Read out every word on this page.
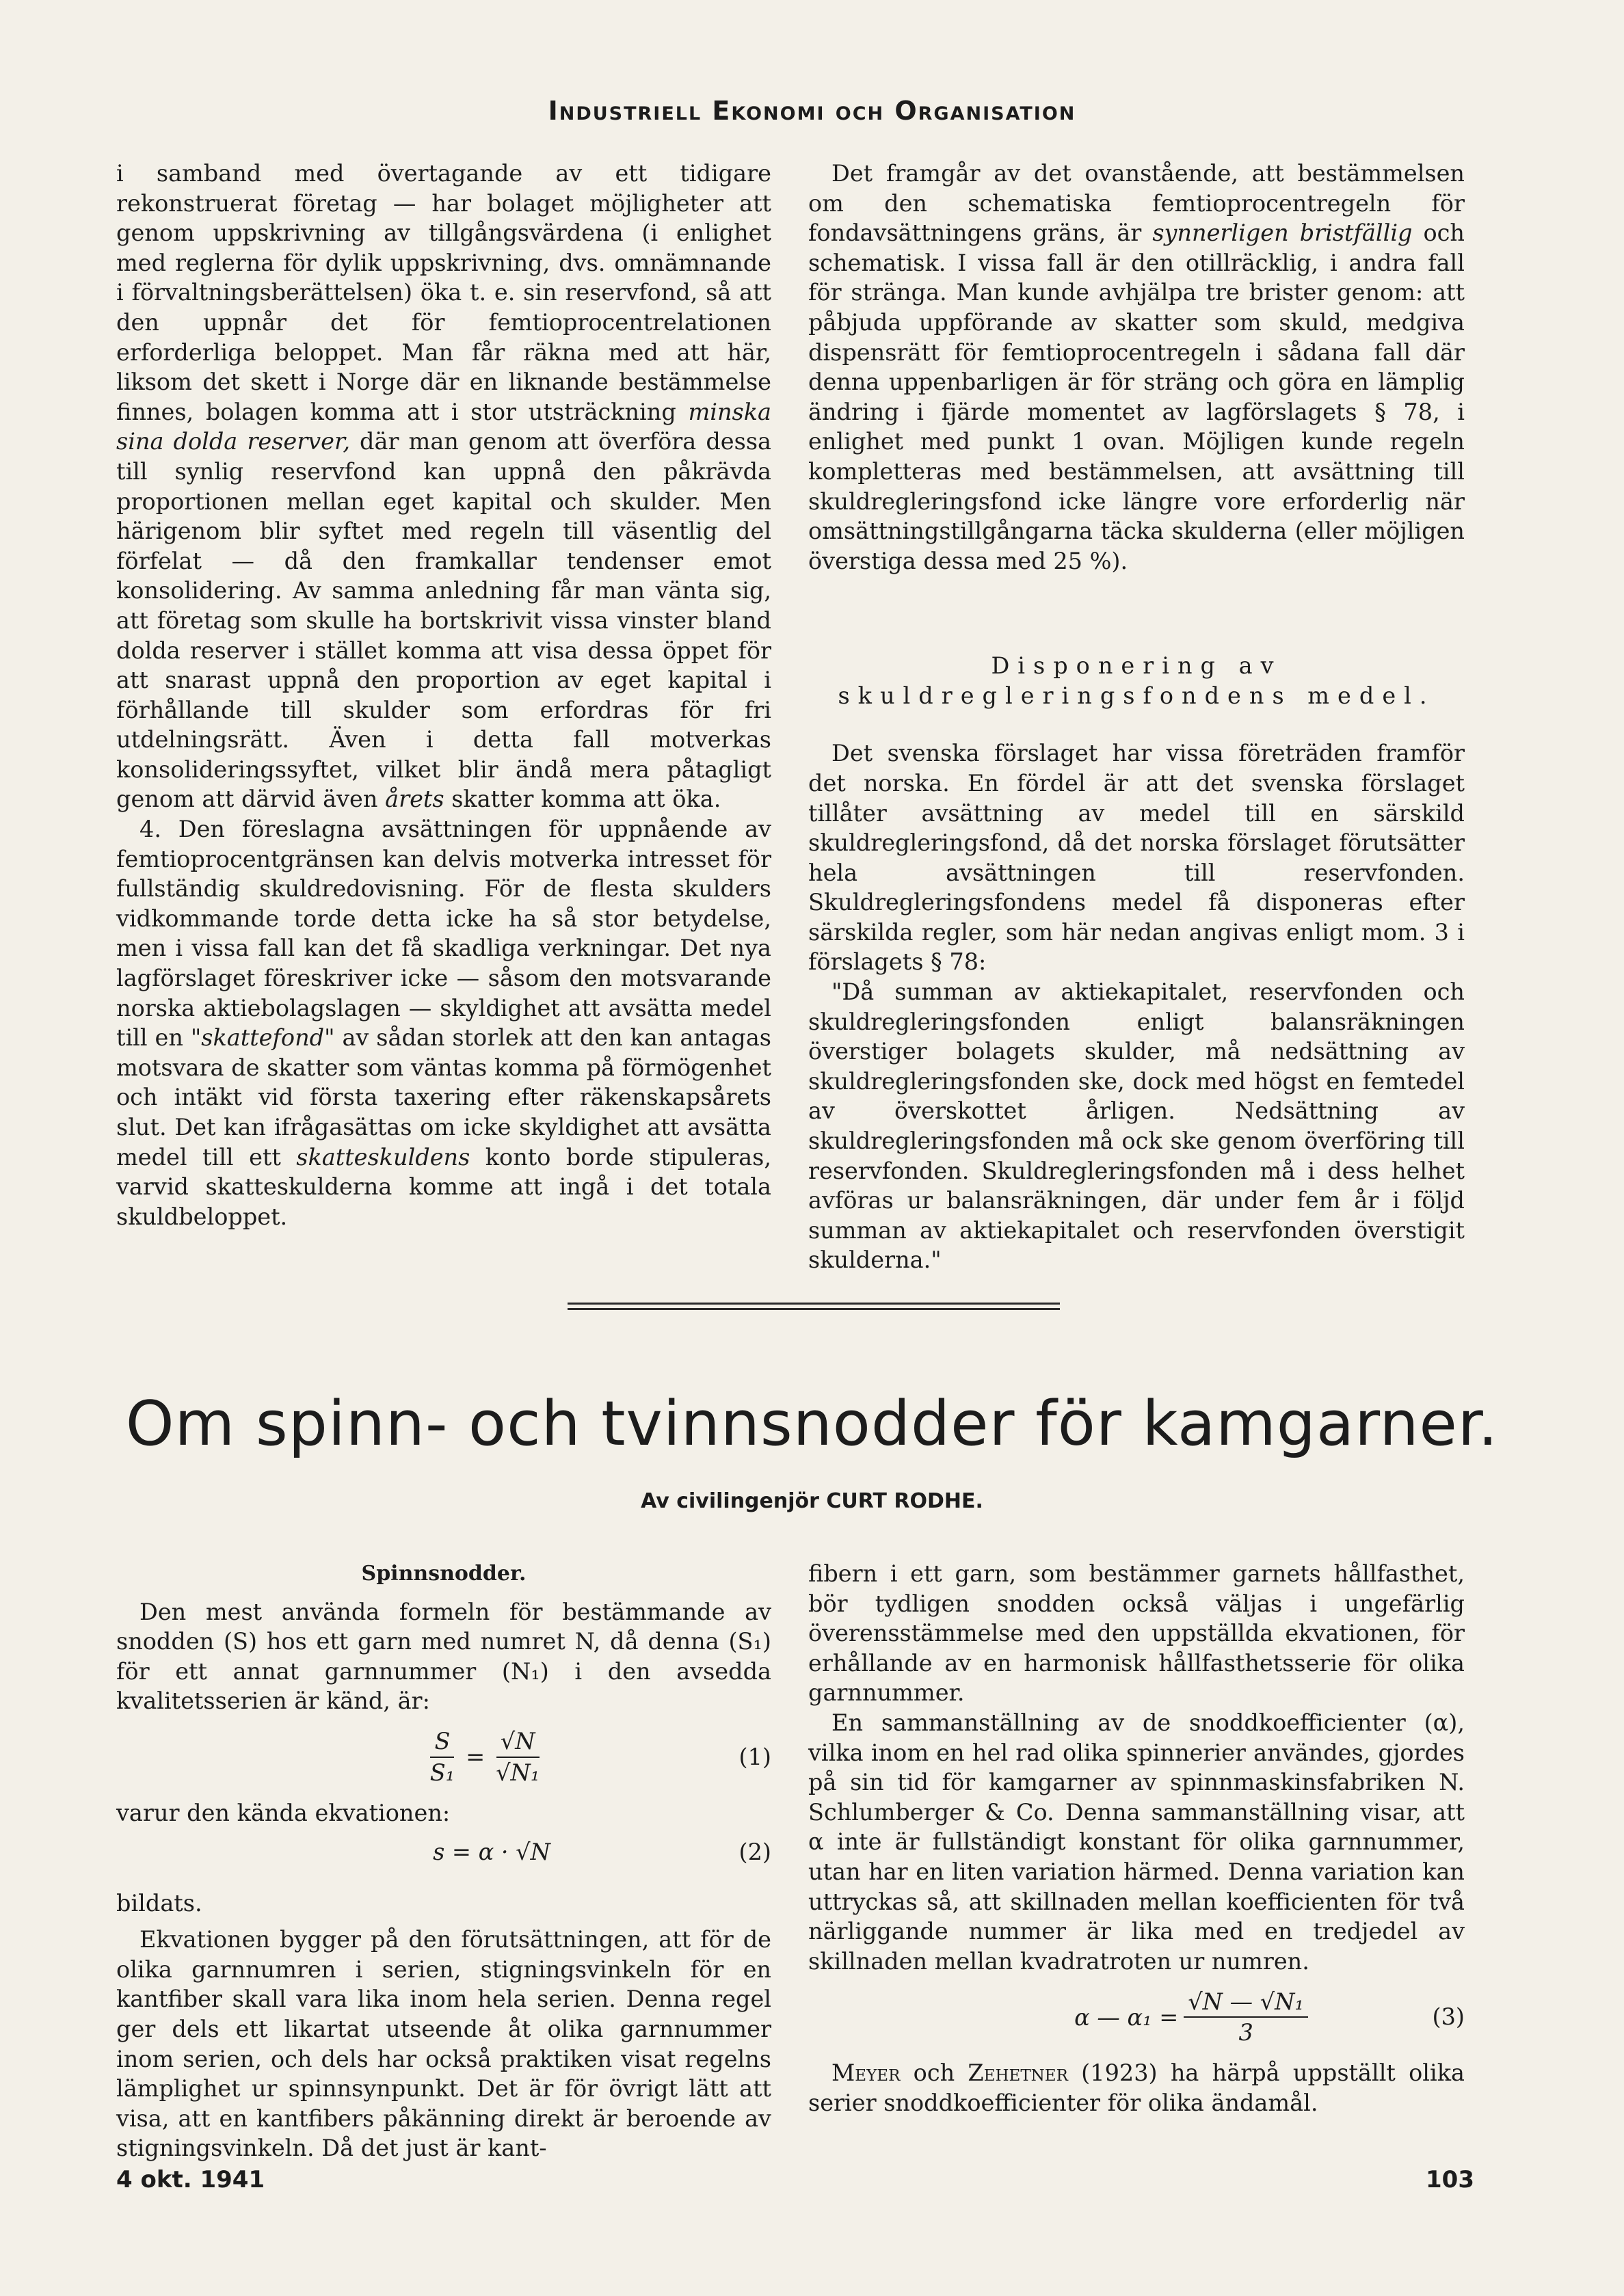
Industriell Ekonomi och Organisation

i samband med övertagande av ett tidigare rekonstruerat företag — har bolaget möjligheter att genom uppskrivning av tillgångsvärdena (i enlighet med reglerna för dylik uppskrivning, dvs. omnämnande i förvaltningsberättelsen) öka t. e. sin reservfond, så att den uppnår det för femtioprocentrelationen erforderliga beloppet. Man får räkna med att här, liksom det skett i Norge där en liknande bestämmelse finnes, bolagen komma att i stor utsträckning minska sina dolda reserver, där man genom att överföra dessa till synlig reservfond kan uppnå den påkrävda proportionen mellan eget kapital och skulder. Men härigenom blir syftet med regeln till väsentlig del förfelat — då den framkallar tendenser emot konsolidering. Av samma anledning får man vänta sig, att företag som skulle ha bortskrivit vissa vinster bland dolda reserver i stället komma att visa dessa öppet för att snarast uppnå den proportion av eget kapital i förhållande till skulder som erfordras för fri utdelningsrätt. Även i detta fall motverkas konsolideringssyftet, vilket blir ändå mera påtagligt genom att därvid även årets skatter komma att öka.

4. Den föreslagna avsättningen för uppnående av femtioprocentgränsen kan delvis motverka intresset för fullständig skuldredovisning. För de flesta skulders vidkommande torde detta icke ha så stor betydelse, men i vissa fall kan det få skadliga verkningar. Det nya lagförslaget föreskriver icke — såsom den motsvarande norska aktiebolagslagen — skyldighet att avsätta medel till en "skattefond" av sådan storlek att den kan antagas motsvara de skatter som väntas komma på förmögenhet och intäkt vid första taxering efter räkenskapsårets slut. Det kan ifrågasättas om icke skyldighet att avsätta medel till ett skatteskuldens konto borde stipuleras, varvid skatteskulderna komme att ingå i det totala skuldbeloppet.

Det framgår av det ovanstående, att bestämmelsen om den schematiska femtioprocentregeln för fondavsättningens gräns, är synnerligen bristfällig och schematisk. I vissa fall är den otillräcklig, i andra fall för stränga. Man kunde avhjälpa tre brister genom: att påbjuda uppförande av skatter som skuld, medgiva dispensrätt för femtioprocentregeln i sådana fall där denna uppenbarligen är för sträng och göra en lämplig ändring i fjärde momentet av lagförslagets § 78, i enlighet med punkt 1 ovan. Möjligen kunde regeln kompletteras med bestämmelsen, att avsättning till skuldregleringsfond icke längre vore erforderlig när omsättningstillgångarna täcka skulderna (eller möjligen överstiga dessa med 25 %).

Disponering av skuldregleringsfondens medel.

Det svenska förslaget har vissa företräden framför det norska. En fördel är att det svenska förslaget tillåter avsättning av medel till en särskild skuldregleringsfond, då det norska förslaget förutsätter hela avsättningen till reservfonden. Skuldregleringsfondens medel få disponeras efter särskilda regler, som här nedan angivas enligt mom. 3 i förslagets § 78:

"Då summan av aktiekapitalet, reservfonden och skuldregleringsfonden enligt balansräkningen överstiger bolagets skulder, må nedsättning av skuldregleringsfonden ske, dock med högst en femtedel av överskottet årligen. Nedsättning av skuldregleringsfonden må ock ske genom överföring till reservfonden. Skuldregleringsfonden må i dess helhet avföras ur balansräkningen, där under fem år i följd summan av aktiekapitalet och reservfonden överstigit skulderna."

Om spinn- och tvinnsnodder för kamgarner.
Av civilingenjör CURT RODHE.

Spinnsnodder.

Den mest använda formeln för bestämmande av snodden (S) hos ett garn med numret N, då denna (S₁) för ett annat garnnummer (N₁) i den avsedda kvalitetsserien är känd, är:

$\frac{S}{\text{S₁}} = \frac{√N}{\text{√N₁}}$	(1)

varur den kända ekvationen:

s = α · √N	(2)

bildats.

Ekvationen bygger på den förutsättningen, att för de olika garnnumren i serien, stigningsvinkeln för en kantfiber skall vara lika inom hela serien. Denna regel ger dels ett likartat utseende åt olika garnnummer inom serien, och dels har också praktiken visat regelns lämplighet ur spinnsynpunkt. Det är för övrigt lätt att visa, att en kantfibers påkänning direkt är beroende av stigningsvinkeln. Då det just är kant-

fibern i ett garn, som bestämmer garnets hållfasthet, bör tydligen snodden också väljas i ungefärlig överensstämmelse med den uppställda ekvationen, för erhållande av en harmonisk hållfasthetsserie för olika garnnummer.

En sammanställning av de snoddkoefficienter (α), vilka inom en hel rad olika spinnerier användes, gjordes på sin tid för kamgarner av spinnmaskinsfabriken N. Schlumberger & Co. Denna sammanställning visar, att α inte är fullständigt konstant för olika garnnummer, utan har en liten variation härmed. Denna variation kan uttryckas så, att skillnaden mellan koefficienten för två närliggande nummer är lika med en tredjedel av skillnaden mellan kvadratroten ur numren.

α — $\alpha_1 = \frac{\text{√N — √N₁}}{3}$	(3)

Meyer och Zehetner (1923) ha härpå uppställt olika serier snoddkoefficienter för olika ändamål.

4 okt. 1941	103
